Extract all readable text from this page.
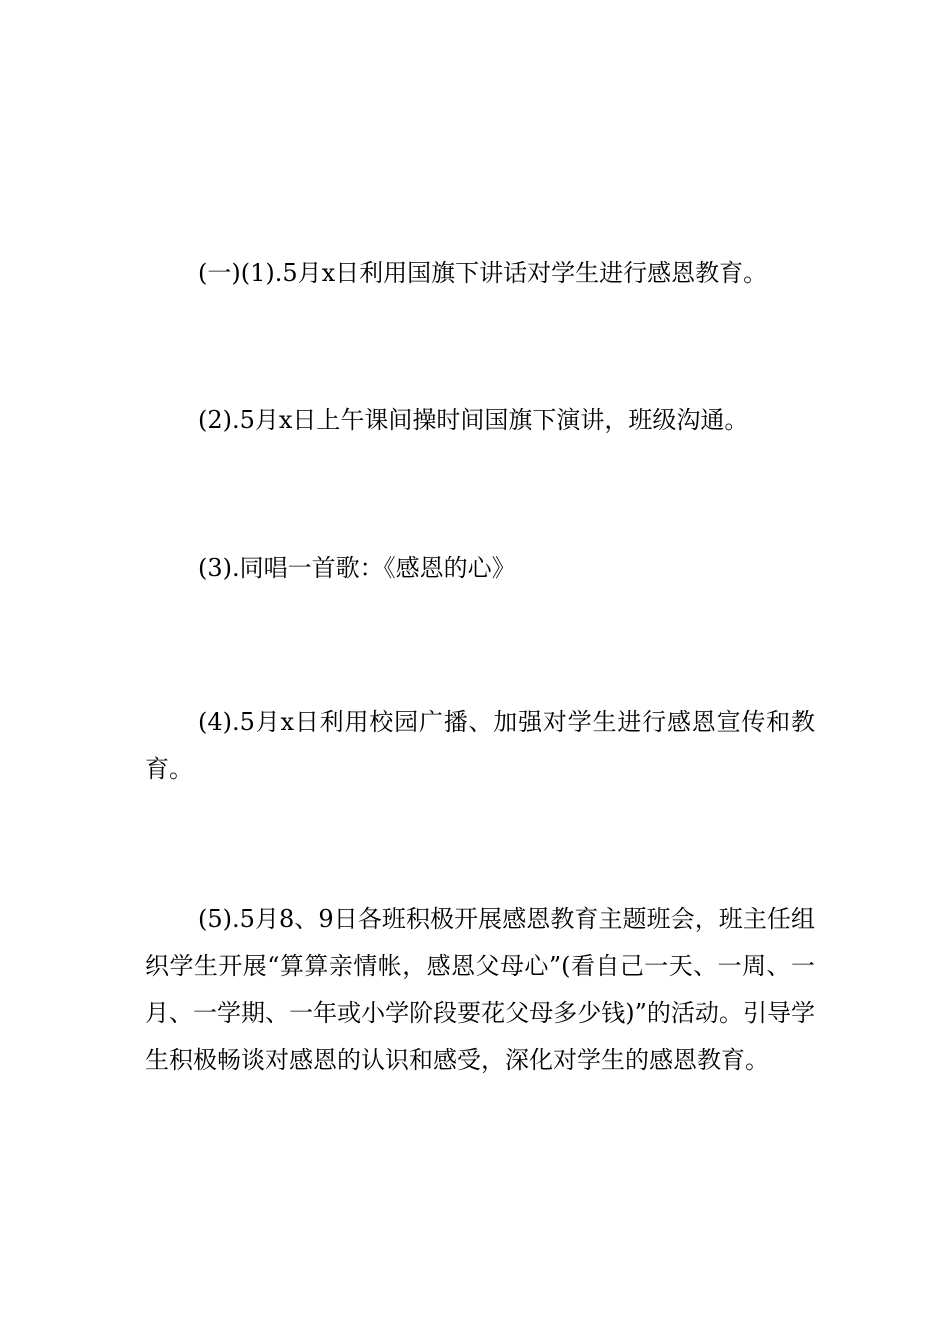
(一)(1).5月x日利用国旗下讲话对学生进行感恩教育。

(2).5月x日上午课间操时间国旗下演讲，班级沟通。

(3).同唱一首歌：《感恩的心》

(4).5月x日利用校园广播、加强对学生进行感恩宣传和教育。

(5).5月8、9日各班积极开展感恩教育主题班会，班主任组织学生开展“算算亲情帐，感恩父母心”(看自己一天、一周、一月、一学期、一年或小学阶段要花父母多少钱)”的活动。引导学生积极畅谈对感恩的认识和感受，深化对学生的感恩教育。
